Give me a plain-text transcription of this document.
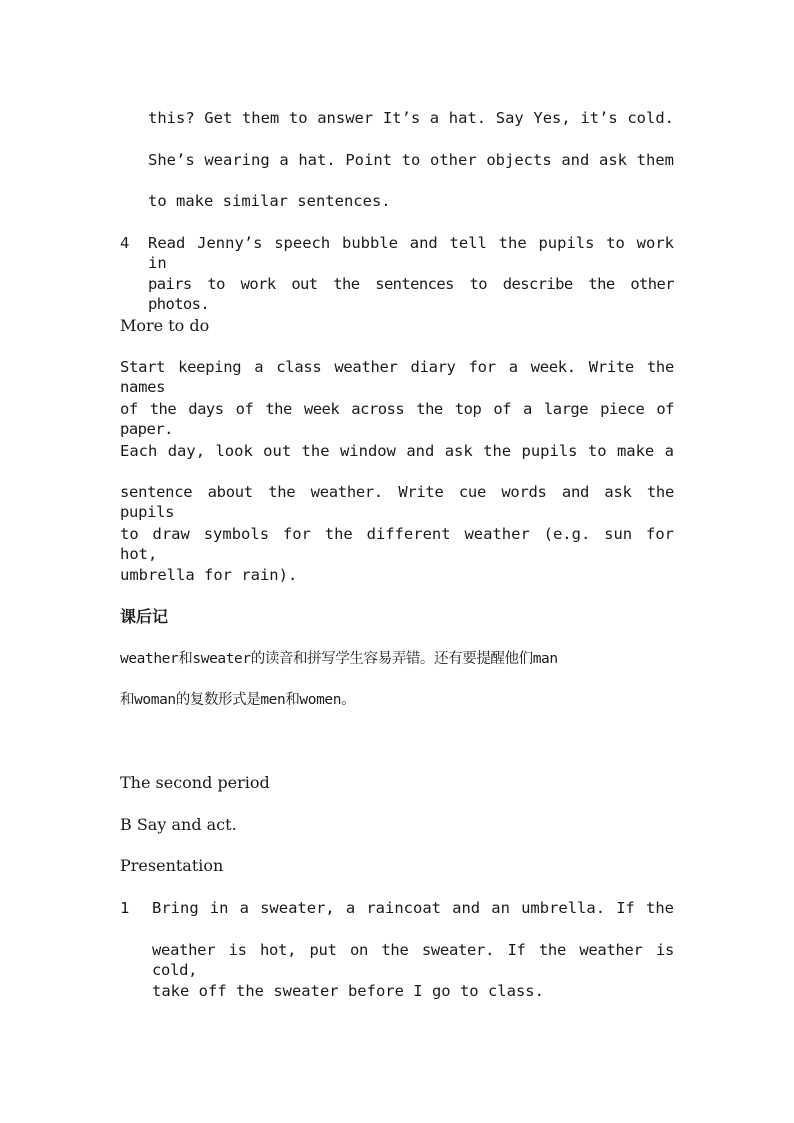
this? Get them to answer It’s a hat. Say Yes, it’s cold.
She’s wearing a hat. Point to other objects and ask them
to make similar sentences.
4 Read Jenny’s speech bubble and tell the pupils to work in
pairs to work out the sentences to describe the other photos.
More to do
Start keeping a class weather diary for a week. Write the names
of the days of the week across the top of a large piece of paper.
Each day, look out the window and ask the pupils to make a
sentence about the weather. Write cue words and ask the pupils
to draw symbols for the different weather (e.g. sun for hot,
umbrella for rain).
课后记
weather和sweater的读音和拼写学生容易弄错。还有要提醒他们man
和woman的复数形式是men和women。
The second period
B Say and act.
Presentation
1 Bring in a sweater, a raincoat and an umbrella. If the
weather is hot, put on the sweater. If the weather is cold,
take off the sweater before I go to class.
